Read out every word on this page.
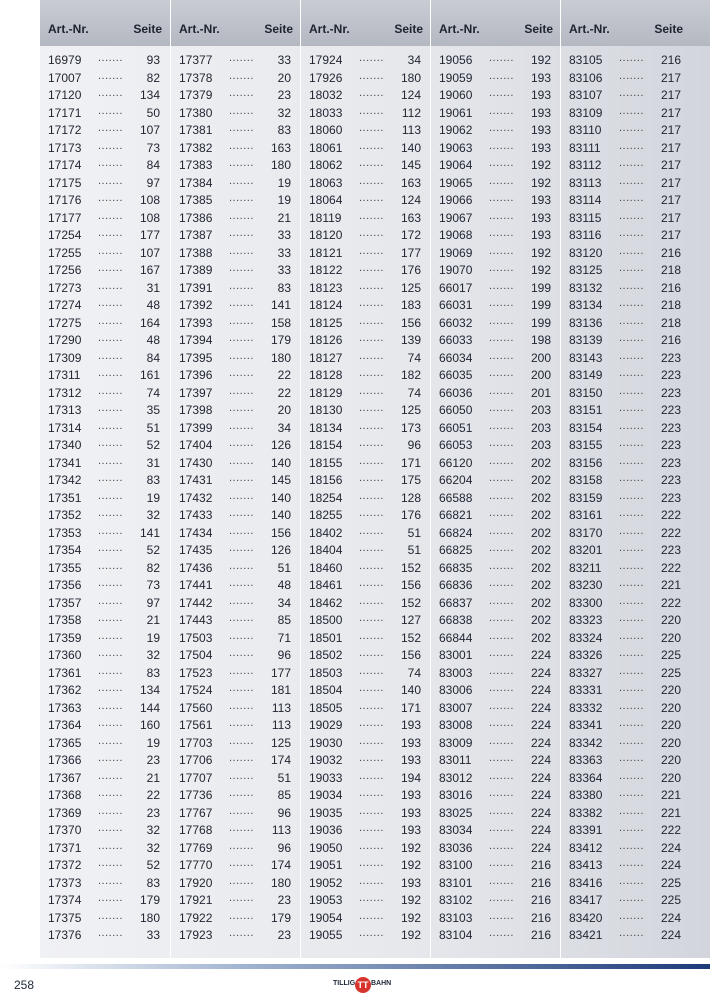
Art.-Nr.	Seite
16979 ....... 93
17007 ....... 82
17120 ....... 134
17171 ....... 50
17172 ....... 107
17173 ....... 73
17174 ....... 84
17175 ....... 97
17176 ....... 108
17177 ....... 108
17254 ....... 177
17255 ....... 107
17256 ....... 167
17273 ....... 31
17274 ....... 48
17275 ....... 164
17290 ....... 48
17309 ....... 84
17311 ....... 161
17312 ....... 74
17313 ....... 35
17314 ....... 51
17340 ....... 52
17341 ....... 31
17342 ....... 83
17351 ....... 19
17352 ....... 32
17353 ....... 141
17354 ....... 52
17355 ....... 82
17356 ....... 73
17357 ....... 97
17358 ....... 21
17359 ....... 19
17360 ....... 32
17361 ....... 83
17362 ....... 134
17363 ....... 144
17364 ....... 160
17365 ....... 19
17366 ....... 23
17367 ....... 21
17368 ....... 22
17369 ....... 23
17370 ....... 32
17371 ....... 32
17372 ....... 52
17373 ....... 83
17374 ....... 179
17375 ....... 180
17376 ....... 33
Art.-Nr.	Seite
17377 ....... 33
17378 ....... 20
17379 ....... 23
17380 ....... 32
17381 ....... 83
17382 ....... 163
17383 ....... 180
17384 ....... 19
17385 ....... 19
17386 ....... 21
17387 ....... 33
17388 ....... 33
17389 ....... 33
17391 ....... 83
17392 ....... 141
17393 ....... 158
17394 ....... 179
17395 ....... 180
17396 ....... 22
17397 ....... 22
17398 ....... 20
17399 ....... 34
17404 ....... 126
17430 ....... 140
17431 ....... 145
17432 ....... 140
17433 ....... 140
17434 ....... 156
17435 ....... 126
17436 ....... 51
17441 ....... 48
17442 ....... 34
17443 ....... 85
17503 ....... 71
17504 ....... 96
17523 ....... 177
17524 ....... 181
17560 ....... 113
17561 ....... 113
17703 ....... 125
17706 ....... 174
17707 ....... 51
17736 ....... 85
17767 ....... 96
17768 ....... 113
17769 ....... 96
17770 ....... 174
17920 ....... 180
17921 ....... 23
17922 ....... 179
17923 ....... 23
Art.-Nr.	Seite
17924 ....... 34
17926 ....... 180
18032 ....... 124
18033 ....... 112
18060 ....... 113
18061 ....... 140
18062 ....... 145
18063 ....... 163
18064 ....... 124
18119 ....... 163
18120 ....... 172
18121 ....... 177
18122 ....... 176
18123 ....... 125
18124 ....... 183
18125 ....... 156
18126 ....... 139
18127 ....... 74
18128 ....... 182
18129 ....... 74
18130 ....... 125
18134 ....... 173
18154 ....... 96
18155 ....... 171
18156 ....... 175
18254 ....... 128
18255 ....... 176
18402 ....... 51
18404 ....... 51
18460 ....... 152
18461 ....... 156
18462 ....... 152
18500 ....... 127
18501 ....... 152
18502 ....... 156
18503 ....... 74
18504 ....... 140
18505 ....... 171
19029 ....... 193
19030 ....... 193
19032 ....... 193
19033 ....... 194
19034 ....... 193
19035 ....... 193
19036 ....... 193
19050 ....... 192
19051 ....... 192
19052 ....... 193
19053 ....... 192
19054 ....... 192
19055 ....... 192
Art.-Nr.	Seite
19056 ....... 192
19059 ....... 193
19060 ....... 193
19061 ....... 193
19062 ....... 193
19063 ....... 193
19064 ....... 192
19065 ....... 192
19066 ....... 193
19067 ....... 193
19068 ....... 193
19069 ....... 192
19070 ....... 192
66017 ....... 199
66031 ....... 199
66032 ....... 199
66033 ....... 198
66034 ....... 200
66035 ....... 200
66036 ....... 201
66050 ....... 203
66051 ....... 203
66053 ....... 203
66120 ....... 202
66204 ....... 202
66588 ....... 202
66821 ....... 202
66824 ....... 202
66825 ....... 202
66835 ....... 202
66836 ....... 202
66837 ....... 202
66838 ....... 202
66844 ....... 202
83001 ....... 224
83003 ....... 224
83006 ....... 224
83007 ....... 224
83008 ....... 224
83009 ....... 224
83011 ....... 224
83012 ....... 224
83016 ....... 224
83025 ....... 224
83034 ....... 224
83036 ....... 224
83100 ....... 216
83101 ....... 216
83102 ....... 216
83103 ....... 216
83104 ....... 216
Art.-Nr.	Seite
83105 ....... 216
83106 ....... 217
83107 ....... 217
83109 ....... 217
83110 ....... 217
83111 ....... 217
83112 ....... 217
83113 ....... 217
83114 ....... 217
83115 ....... 217
83116 ....... 217
83120 ....... 216
83125 ....... 218
83132 ....... 216
83134 ....... 218
83136 ....... 218
83139 ....... 216
83143 ....... 223
83149 ....... 223
83150 ....... 223
83151 ....... 223
83154 ....... 223
83155 ....... 223
83156 ....... 223
83158 ....... 223
83159 ....... 223
83161 ....... 222
83170 ....... 222
83201 ....... 223
83211 ....... 222
83230 ....... 221
83300 ....... 222
83323 ....... 220
83324 ....... 220
83326 ....... 225
83327 ....... 225
83331 ....... 220
83332 ....... 220
83341 ....... 220
83342 ....... 220
83363 ....... 220
83364 ....... 220
83380 ....... 221
83382 ....... 221
83391 ....... 222
83412 ....... 224
83413 ....... 224
83416 ....... 225
83417 ....... 225
83420 ....... 224
83421 ....... 224
258	TILLIG TT BAHN
